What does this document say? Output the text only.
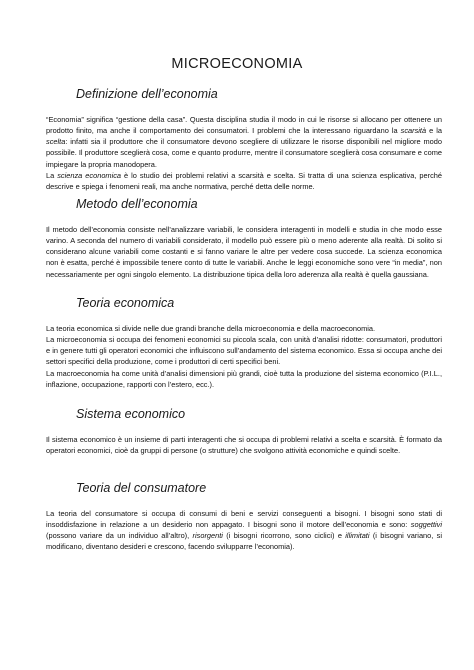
MICROECONOMIA
Definizione dell’economia

“Economia” significa “gestione della casa”. Questa disciplina studia il modo in cui le risorse si allocano per ottenere un prodotto finito, ma anche il comportamento dei consumatori. I problemi che la interessano riguardano la scarsità e la scelta: infatti sia il produttore che il consumatore devono scegliere di utilizzare le risorse disponibili nel migliore modo possibile. Il produttore sceglierà cosa, come e quanto produrre, mentre il consumatore sceglierà cosa consumare e come impiegare la propria manodopera.

La scienza economica è lo studio dei problemi relativi a scarsità e scelta. Si tratta di una scienza esplicativa, perché descrive e spiega i fenomeni reali, ma anche normativa, perché detta delle norme.

Metodo dell’economia

Il metodo dell’economia consiste nell’analizzare variabili, le considera interagenti in modelli e studia in che modo esse varino. A seconda del numero di variabili considerato, il modello può essere più o meno aderente alla realtà. Di solito si considerano alcune variabili come costanti e si fanno variare le altre per vedere cosa succede. La scienza economica non è esatta, perché è impossibile tenere conto di tutte le variabili. Anche le leggi economiche sono vere “in media”, non necessariamente per ogni singolo elemento. La distribuzione tipica della loro aderenza alla realtà è quella gaussiana.

Teoria economica

La teoria economica si divide nelle due grandi branche della microeconomia e della macroeconomia.

La microeconomia si occupa dei fenomeni economici su piccola scala, con unità d’analisi ridotte: consumatori, produttori e in genere tutti gli operatori economici che influiscono sull’andamento del sistema economico. Essa si occupa anche dei settori specifici della produzione, come i produttori di certi specifici beni.

La macroeconomia ha come unità d’analisi dimensioni più grandi, cioè tutta la produzione del sistema economico (P.I.L., inflazione, occupazione, rapporti con l’estero, ecc.).

Sistema economico

Il sistema economico è un insieme di parti interagenti che si occupa di problemi relativi a scelta e scarsità. È formato da operatori economici, cioè da gruppi di persone (o strutture) che svolgono attività economiche e quindi scelte.

Teoria del consumatore

La teoria del consumatore si occupa di consumi di beni e servizi conseguenti a bisogni. I bisogni sono stati di insoddisfazione in relazione a un desiderio non appagato. I bisogni sono il motore dell’economia e sono: soggettivi (possono variare da un individuo all’altro), risorgenti (i bisogni ricorrono, sono ciclici) e illimitati (i bisogni variano, si modificano, diventano desideri e crescono, facendo svilupparre l’economia).
